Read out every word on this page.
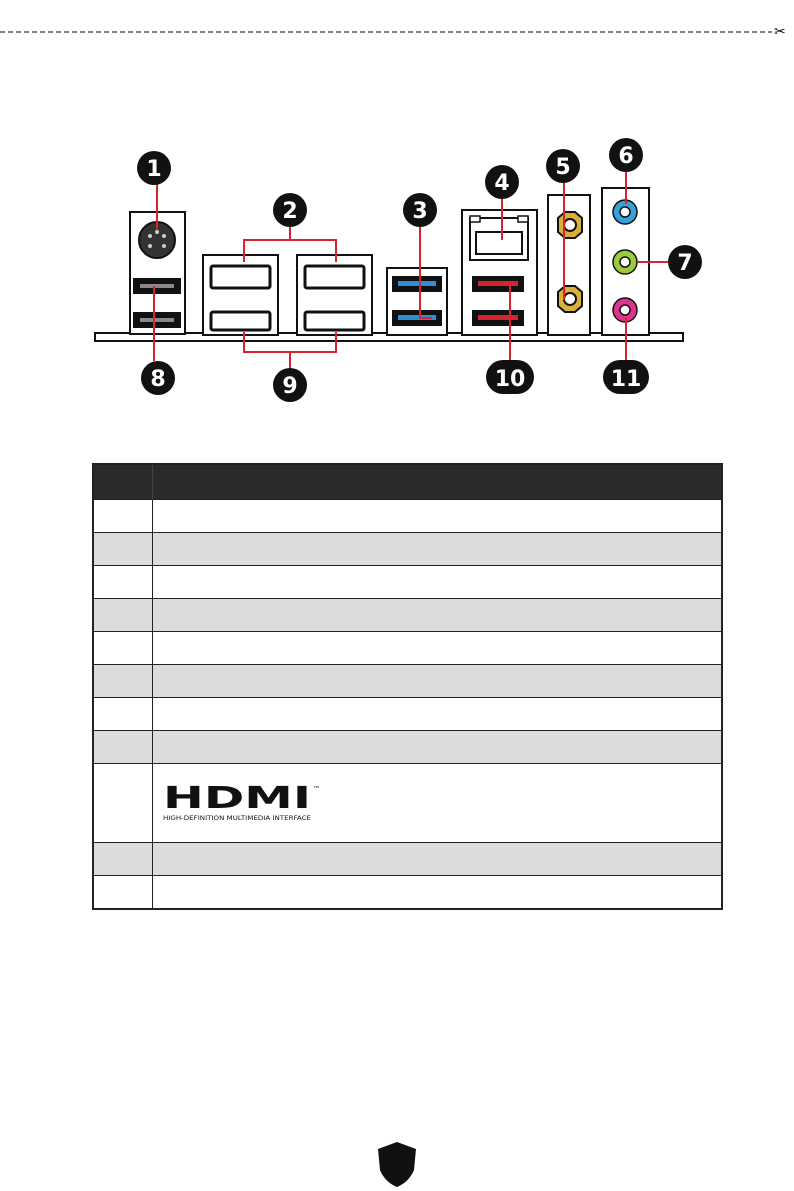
✂
1
2	3
4
5 6
7
8	9	10	11

HDMI ™
HIGH-DEFINITION MULTIMEDIA INTERFACE
